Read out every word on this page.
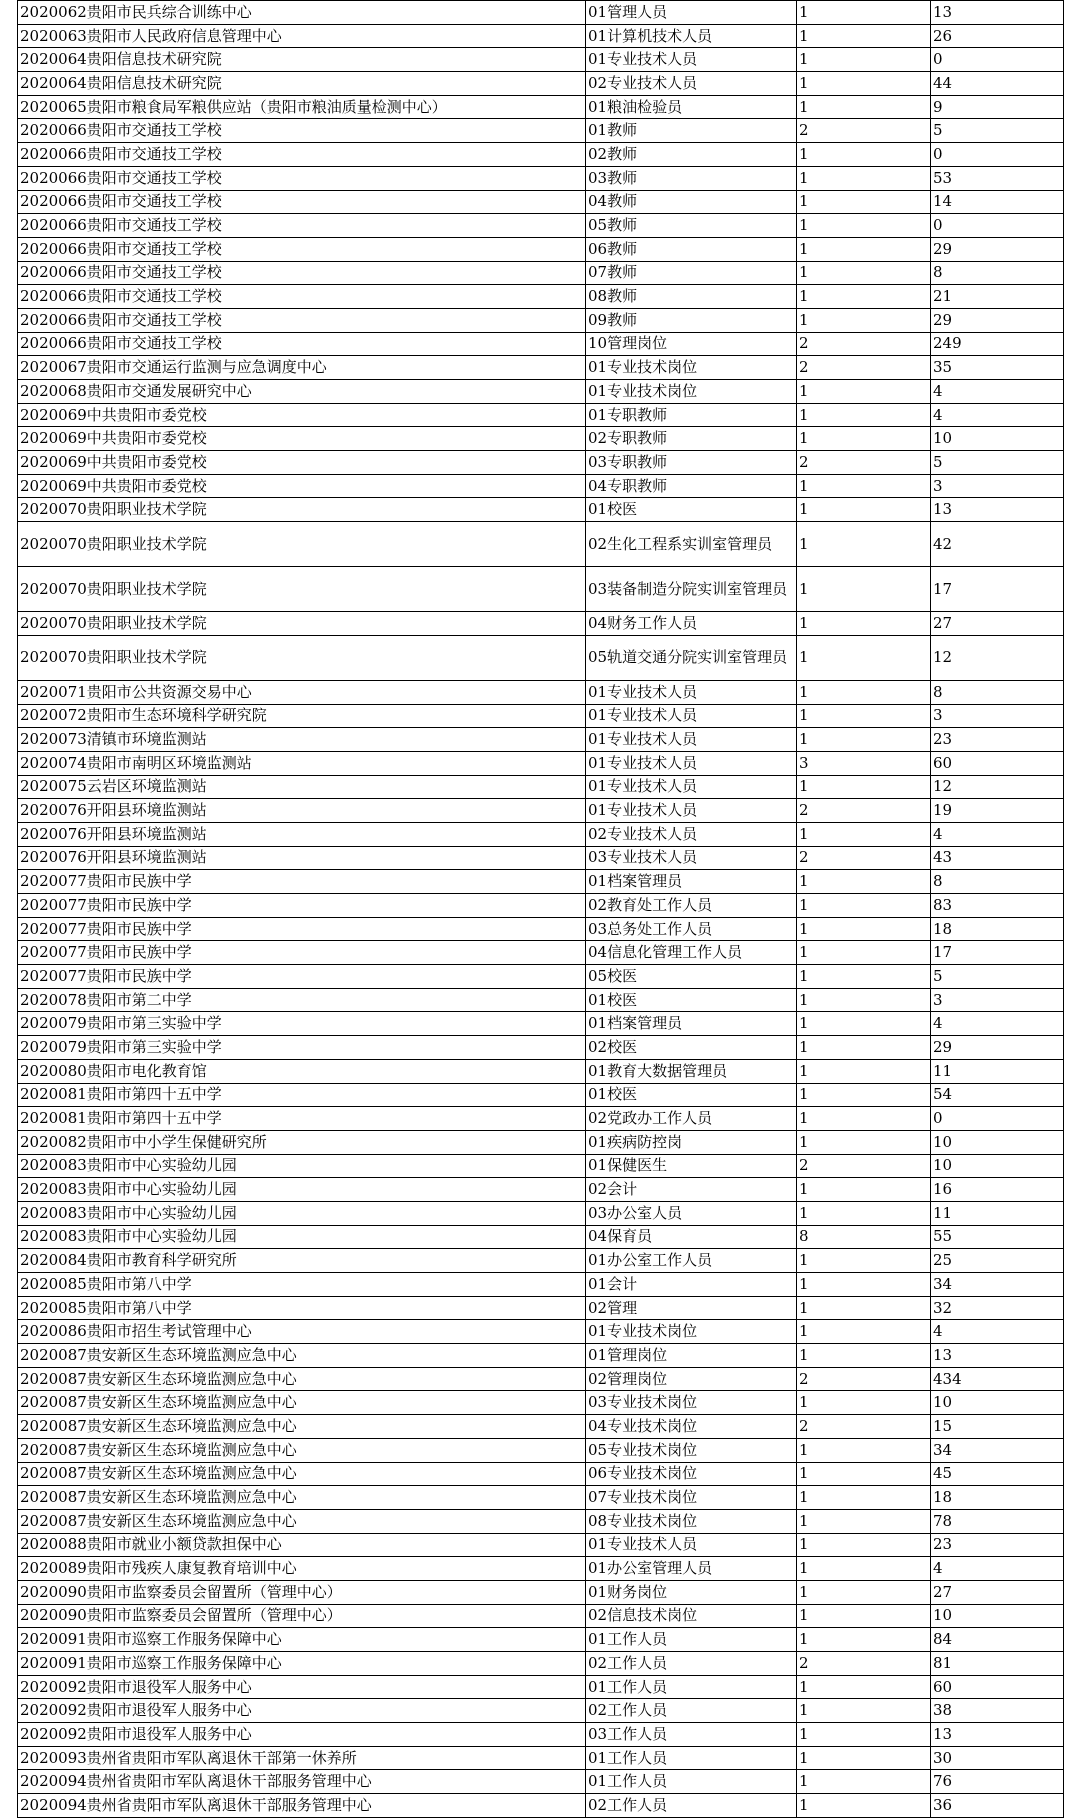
2020062贵阳市民兵综合训练中心	01管理人员	1	13
2020063贵阳市人民政府信息管理中心	01计算机技术人员	1	26
2020064贵阳信息技术研究院	01专业技术人员	1	0
2020064贵阳信息技术研究院	02专业技术人员	1	44
2020065贵阳市粮食局军粮供应站（贵阳市粮油质量检测中心）	01粮油检验员	1	9
2020066贵阳市交通技工学校	01教师	2	5
2020066贵阳市交通技工学校	02教师	1	0
2020066贵阳市交通技工学校	03教师	1	53
2020066贵阳市交通技工学校	04教师	1	14
2020066贵阳市交通技工学校	05教师	1	0
2020066贵阳市交通技工学校	06教师	1	29
2020066贵阳市交通技工学校	07教师	1	8
2020066贵阳市交通技工学校	08教师	1	21
2020066贵阳市交通技工学校	09教师	1	29
2020066贵阳市交通技工学校	10管理岗位	2	249
2020067贵阳市交通运行监测与应急调度中心	01专业技术岗位	2	35
2020068贵阳市交通发展研究中心	01专业技术岗位	1	4
2020069中共贵阳市委党校	01专职教师	1	4
2020069中共贵阳市委党校	02专职教师	1	10
2020069中共贵阳市委党校	03专职教师	2	5
2020069中共贵阳市委党校	04专职教师	1	3
2020070贵阳职业技术学院	01校医	1	13
2020070贵阳职业技术学院	02生化工程系实训室管理员	1	42
2020070贵阳职业技术学院	03装备制造分院实训室管理员	1	17
2020070贵阳职业技术学院	04财务工作人员	1	27
2020070贵阳职业技术学院	05轨道交通分院实训室管理员	1	12
2020071贵阳市公共资源交易中心	01专业技术人员	1	8
2020072贵阳市生态环境科学研究院	01专业技术人员	1	3
2020073清镇市环境监测站	01专业技术人员	1	23
2020074贵阳市南明区环境监测站	01专业技术人员	3	60
2020075云岩区环境监测站	01专业技术人员	1	12
2020076开阳县环境监测站	01专业技术人员	2	19
2020076开阳县环境监测站	02专业技术人员	1	4
2020076开阳县环境监测站	03专业技术人员	2	43
2020077贵阳市民族中学	01档案管理员	1	8
2020077贵阳市民族中学	02教育处工作人员	1	83
2020077贵阳市民族中学	03总务处工作人员	1	18
2020077贵阳市民族中学	04信息化管理工作人员	1	17
2020077贵阳市民族中学	05校医	1	5
2020078贵阳市第二中学	01校医	1	3
2020079贵阳市第三实验中学	01档案管理员	1	4
2020079贵阳市第三实验中学	02校医	1	29
2020080贵阳市电化教育馆	01教育大数据管理员	1	11
2020081贵阳市第四十五中学	01校医	1	54
2020081贵阳市第四十五中学	02党政办工作人员	1	0
2020082贵阳市中小学生保健研究所	01疾病防控岗	1	10
2020083贵阳市中心实验幼儿园	01保健医生	2	10
2020083贵阳市中心实验幼儿园	02会计	1	16
2020083贵阳市中心实验幼儿园	03办公室人员	1	11
2020083贵阳市中心实验幼儿园	04保育员	8	55
2020084贵阳市教育科学研究所	01办公室工作人员	1	25
2020085贵阳市第八中学	01会计	1	34
2020085贵阳市第八中学	02管理	1	32
2020086贵阳市招生考试管理中心	01专业技术岗位	1	4
2020087贵安新区生态环境监测应急中心	01管理岗位	1	13
2020087贵安新区生态环境监测应急中心	02管理岗位	2	434
2020087贵安新区生态环境监测应急中心	03专业技术岗位	1	10
2020087贵安新区生态环境监测应急中心	04专业技术岗位	2	15
2020087贵安新区生态环境监测应急中心	05专业技术岗位	1	34
2020087贵安新区生态环境监测应急中心	06专业技术岗位	1	45
2020087贵安新区生态环境监测应急中心	07专业技术岗位	1	18
2020087贵安新区生态环境监测应急中心	08专业技术岗位	1	78
2020088贵阳市就业小额贷款担保中心	01专业技术人员	1	23
2020089贵阳市残疾人康复教育培训中心	01办公室管理人员	1	4
2020090贵阳市监察委员会留置所（管理中心）	01财务岗位	1	27
2020090贵阳市监察委员会留置所（管理中心）	02信息技术岗位	1	10
2020091贵阳市巡察工作服务保障中心	01工作人员	1	84
2020091贵阳市巡察工作服务保障中心	02工作人员	2	81
2020092贵阳市退役军人服务中心	01工作人员	1	60
2020092贵阳市退役军人服务中心	02工作人员	1	38
2020092贵阳市退役军人服务中心	03工作人员	1	13
2020093贵州省贵阳市军队离退休干部第一休养所	01工作人员	1	30
2020094贵州省贵阳市军队离退休干部服务管理中心	01工作人员	1	76
2020094贵州省贵阳市军队离退休干部服务管理中心	02工作人员	1	36
